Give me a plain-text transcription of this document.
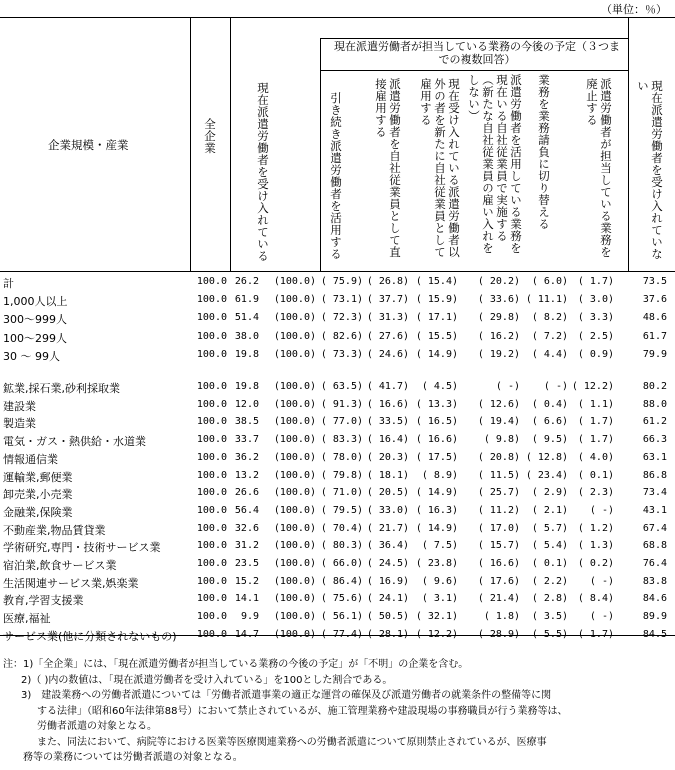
（単位：％）
企業規模・産業	全企業	現在派遣労働者を受け入れている
現在派遣労働者が担当している業務の今後の予定（３つまでの複数回答）
引き続き派遣労働者を活用する	派遣労働者を自社従業員として直接雇用する	現在受け入れている派遣労働者以外の者を新たに自社従業員として雇用する	派遣労働者を活用している業務を現在いる自社従業員で実施する（新たな自社従業員の雇い入れをしない）	業務を業務請負に切り替える	派遣労働者が担当している業務を廃止する	現在派遣労働者を受け入れていない
計	100.0 26.2 (100.0) ( 75.9) ( 26.8) ( 15.4) ( 20.2) ( 6.0) ( 1.7)	73.5
1,000人以上	100.0 61.9 (100.0) ( 73.1) ( 37.7) ( 15.9) ( 33.6) ( 11.1) ( 3.0)	37.6
300～999人	100.0 51.4 (100.0) ( 72.3) ( 31.3) ( 17.1) ( 29.8) ( 8.2) ( 3.3)	48.6
100～299人	100.0 38.0 (100.0) ( 82.6) ( 27.6) ( 15.5) ( 16.2) ( 7.2) ( 2.5)	61.7
30 ～ 99人	100.0 19.8 (100.0) ( 73.3) ( 24.6) ( 14.9) ( 19.2) ( 4.4) ( 0.9)	79.9
鉱業,採石業,砂利採取業	100.0 19.8 (100.0) ( 63.5) ( 41.7) ( 4.5)	( -) ( -) ( 12.2)	80.2
建設業	100.0 12.0 (100.0) ( 91.3) ( 16.6) ( 13.3) ( 12.6) ( 0.4) ( 1.1)	88.0
製造業	100.0 38.5 (100.0) ( 77.0) ( 33.5) ( 16.5) ( 19.4) ( 6.6) ( 1.7)	61.2
電気・ガス・熱供給・水道業	100.0 33.7 (100.0) ( 83.3) ( 16.4) ( 16.6)	( 9.8) ( 9.5) ( 1.7)	66.3
情報通信業	100.0 36.2 (100.0) ( 78.0) ( 20.3) ( 17.5) ( 20.8) ( 12.8) ( 4.0)	63.1
運輸業,郵便業	100.0 13.2 (100.0) ( 79.8) ( 18.1) ( 8.9) ( 11.5) ( 23.4) ( 0.1)	86.8
卸売業,小売業	100.0 26.6 (100.0) ( 71.0) ( 20.5) ( 14.9) ( 25.7) ( 2.9) ( 2.3)	73.4
金融業,保険業	100.0 56.4 (100.0) ( 79.5) ( 33.0) ( 16.3) ( 11.2) ( 2.1) ( -)	43.1
不動産業,物品賃貸業	100.0 32.6 (100.0) ( 70.4) ( 21.7) ( 14.9) ( 17.0) ( 5.7) ( 1.2)	67.4
学術研究,専門・技術サービス業	100.0 31.2 (100.0) ( 80.3) ( 36.4) ( 7.5) ( 15.7) ( 5.4) ( 1.3)	68.8
宿泊業,飲食サービス業	100.0 23.5 (100.0) ( 66.0) ( 24.5) ( 23.8) ( 16.6) ( 0.1) ( 0.2)	76.4
生活関連サービス業,娯楽業	100.0 15.2 (100.0) ( 86.4) ( 16.9) ( 9.6) ( 17.6) ( 2.2) ( -)	83.8
教育,学習支援業	100.0 14.1 (100.0) ( 75.6) ( 24.1) ( 3.1) ( 21.4) ( 2.8) ( 8.4)	84.6
医療,福祉	100.0 9.9 (100.0) ( 56.1) ( 50.5) ( 32.1)	( 1.8) ( 3.5) ( -)	89.9
サービス業(他に分類されないもの) 100.0 14.7 (100.0) ( 77.4) ( 28.1) ( 12.2) ( 28.9) ( 5.5) ( 1.7)	84.5
注：1)「全企業」には、「現在派遣労働者が担当している業務の今後の予定」が「不明」の企業を含む。
2)（ )内の数値は、「現在派遣労働者を受け入れている」を100とした割合である。
3)　建設業務への労働者派遣については「労働者派遣事業の適正な運営の確保及び派遣労働者の就業条件の整備等に関
する法律」（昭和60年法律第88号）において禁止されているが、施工管理業務や建設現場の事務職員が行う業務等は、
労働者派遣の対象となる。
また、同法において、病院等における医業等医療関連業務への労働者派遣について原則禁止されているが、医療事
務等の業務については労働者派遣の対象となる。
